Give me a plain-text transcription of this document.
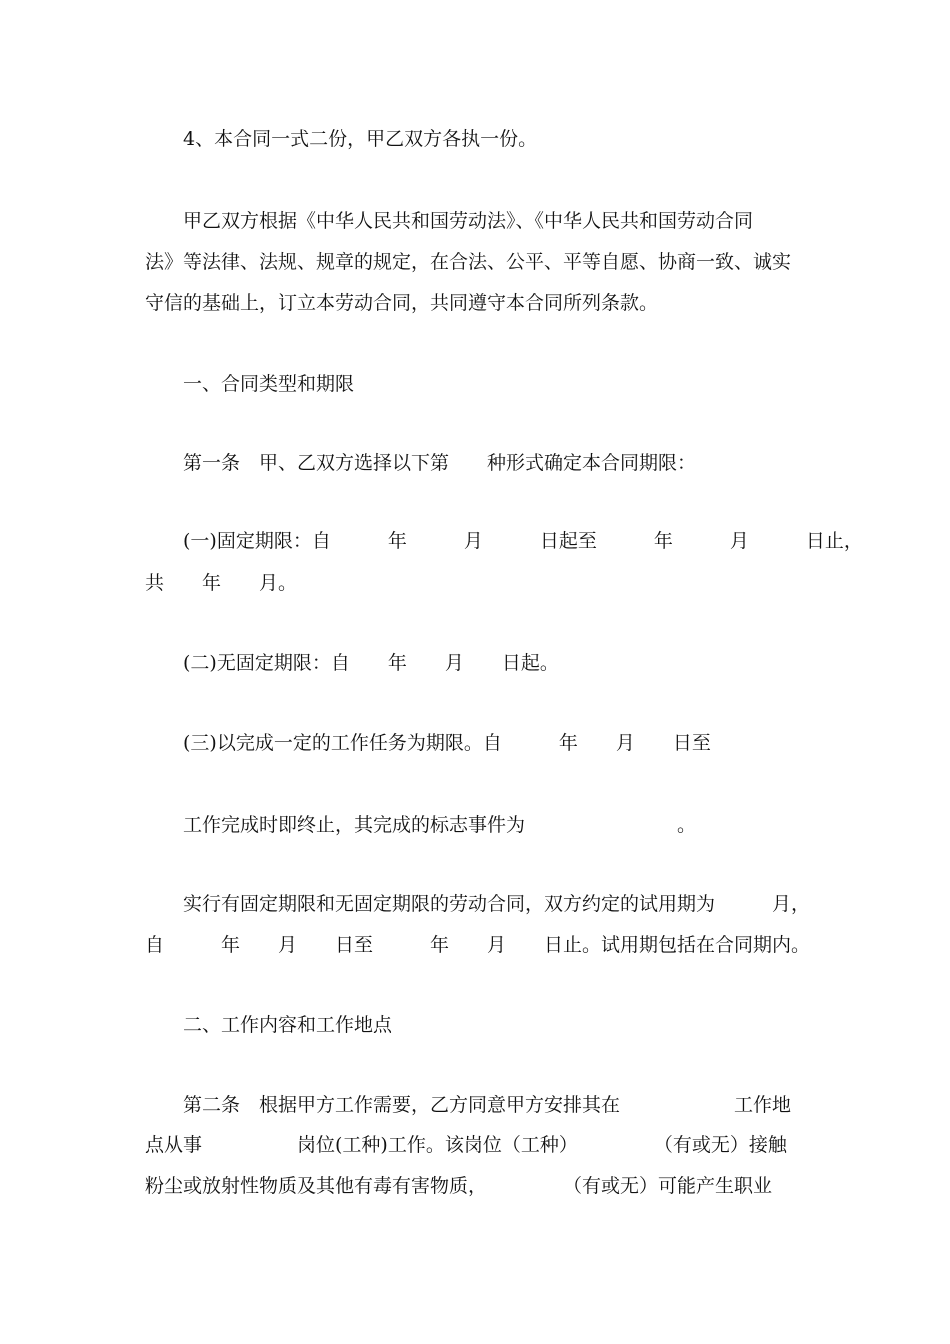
4、本合同一式二份，甲乙双方各执一份。

甲乙双方根据《中华人民共和国劳动法》、《中华人民共和国劳动合同

法》等法律、法规、规章的规定，在合法、公平、平等自愿、协商一致、诚实

守信的基础上，订立本劳动合同，共同遵守本合同所列条款。

一、合同类型和期限

第一条　甲、乙双方选择以下第　　种形式确定本合同期限：

(一)固定期限：自　　　年　　　月　　　日起至　　　年　　　月　　　日止，

共　　年　　月。

(二)无固定期限：自　　年　　月　　日起。

(三)以完成一定的工作任务为期限。自　　　年　　月　　日至

工作完成时即终止，其完成的标志事件为　　　　　　　　。

实行有固定期限和无固定期限的劳动合同，双方约定的试用期为　　　月，

自　　　年　　月　　日至　　　年　　月　　日止。试用期包括在合同期内。

二、工作内容和工作地点

第二条　根据甲方工作需要，乙方同意甲方安排其在　　　　　　工作地

点从事　　　　　岗位(工种)工作。该岗位（工种）　　　　　（有或无）接触

粉尘或放射性物质及其他有毒有害物质，　　　　　（有或无）可能产生职业
